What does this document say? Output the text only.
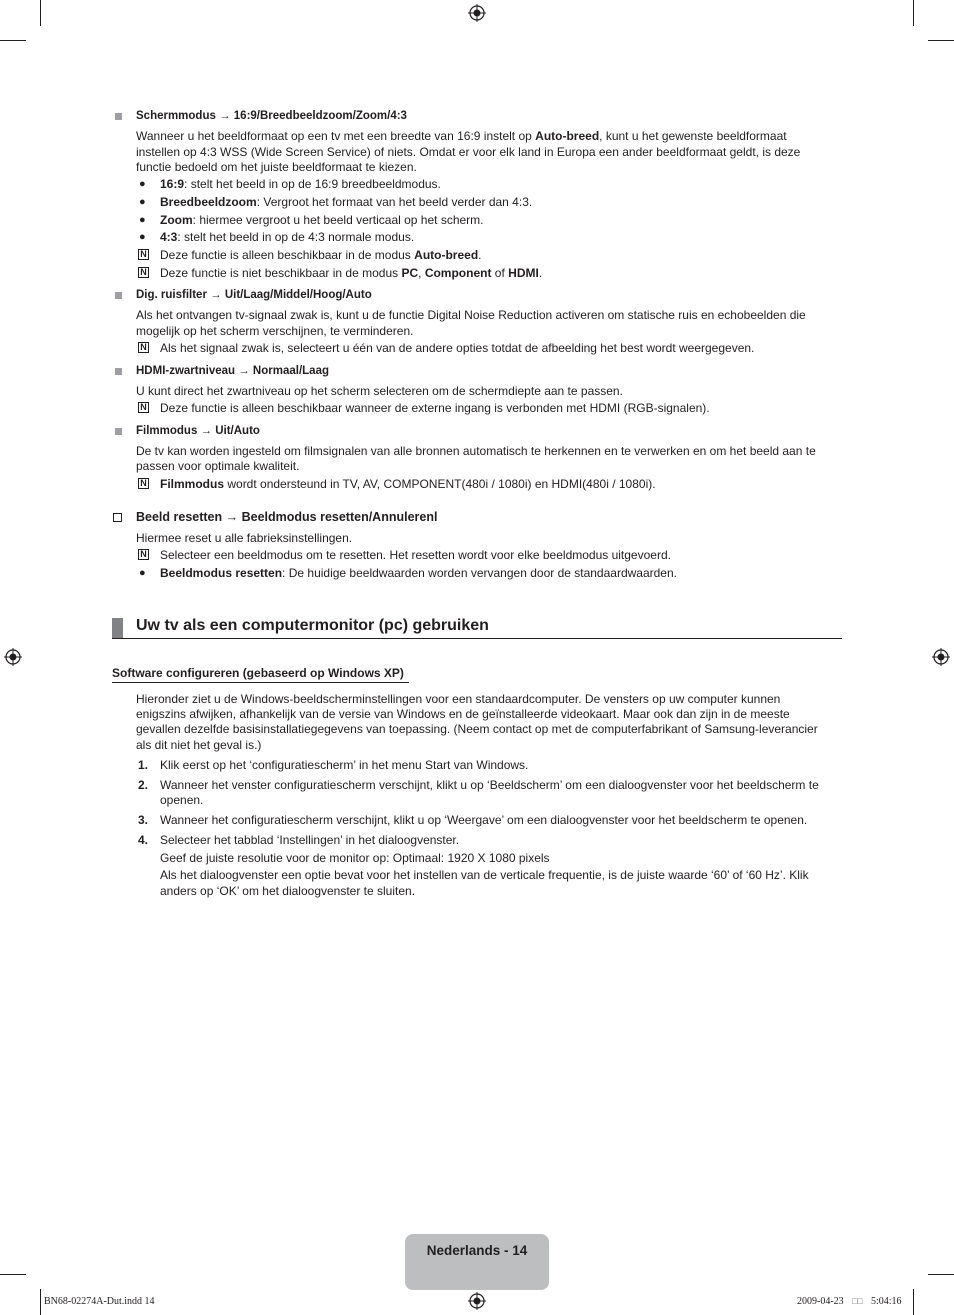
Schermmodus → 16:9/Breedbeeldzoom/Zoom/4:3
Wanneer u het beeldformaat op een tv met een breedte van 16:9 instelt op Auto-breed, kunt u het gewenste beeldformaat
instellen op 4:3 WSS (Wide Screen Service) of niets. Omdat er voor elk land in Europa een ander beeldformaat geldt, is deze
functie bedoeld om het juiste beeldformaat te kiezen.
● 16:9: stelt het beeld in op de 16:9 breedbeeldmodus.
● Breedbeeldzoom: Vergroot het formaat van het beeld verder dan 4:3.
● Zoom: hiermee vergroot u het beeld verticaal op het scherm.
● 4:3: stelt het beeld in op de 4:3 normale modus.
N Deze functie is alleen beschikbaar in de modus Auto-breed.
N Deze functie is niet beschikbaar in de modus PC, Component of HDMI.
Dig. ruisfilter → Uit/Laag/Middel/Hoog/Auto
Als het ontvangen tv-signaal zwak is, kunt u de functie Digital Noise Reduction activeren om statische ruis en echobeelden die
mogelijk op het scherm verschijnen, te verminderen.
N Als het signaal zwak is, selecteert u één van de andere opties totdat de afbeelding het best wordt weergegeven.
HDMI-zwartniveau → Normaal/Laag
U kunt direct het zwartniveau op het scherm selecteren om de schermdiepte aan te passen.
N Deze functie is alleen beschikbaar wanneer de externe ingang is verbonden met HDMI (RGB-signalen).
Filmmodus → Uit/Auto
De tv kan worden ingesteld om filmsignalen van alle bronnen automatisch te herkennen en te verwerken en om het beeld aan te
passen voor optimale kwaliteit.
N Filmmodus wordt ondersteund in TV, AV, COMPONENT(480i / 1080i) en HDMI(480i / 1080i).
Beeld resetten → Beeldmodus resetten/Annulerenl
Hiermee reset u alle fabrieksinstellingen.
N Selecteer een beeldmodus om te resetten. Het resetten wordt voor elke beeldmodus uitgevoerd.
● Beeldmodus resetten: De huidige beeldwaarden worden vervangen door de standaardwaarden.
Uw tv als een computermonitor (pc) gebruiken
Software configureren (gebaseerd op Windows XP)
Hieronder ziet u de Windows-beeldscherminstellingen voor een standaardcomputer. De vensters op uw computer kunnen
enigszins afwijken, afhankelijk van de versie van Windows en de geïnstalleerde videokaart. Maar ook dan zijn in de meeste
gevallen dezelfde basisinstallatiegegevens van toepassing. (Neem contact op met de computerfabrikant of Samsung-leverancier
als dit niet het geval is.)
1. Klik eerst op het ‘configuratiescherm’ in het menu Start van Windows.
2. Wanneer het venster configuratiescherm verschijnt, klikt u op ‘Beeldscherm’ om een dialoogvenster voor het beeldscherm te
openen.
3. Wanneer het configuratiescherm verschijnt, klikt u op ‘Weergave’ om een dialoogvenster voor het beeldscherm te openen.
4. Selecteer het tabblad ‘Instellingen’ in het dialoogvenster.
Geef de juiste resolutie voor de monitor op: Optimaal: 1920 X 1080 pixels
Als het dialoogvenster een optie bevat voor het instellen van de verticale frequentie, is de juiste waarde ‘60’ of ‘60 Hz’. Klik
anders op ‘OK’ om het dialoogvenster te sluiten.
Nederlands - 14
BN68-02274A-Dut.indd 14	2009-04-23 □□ 5:04:16
